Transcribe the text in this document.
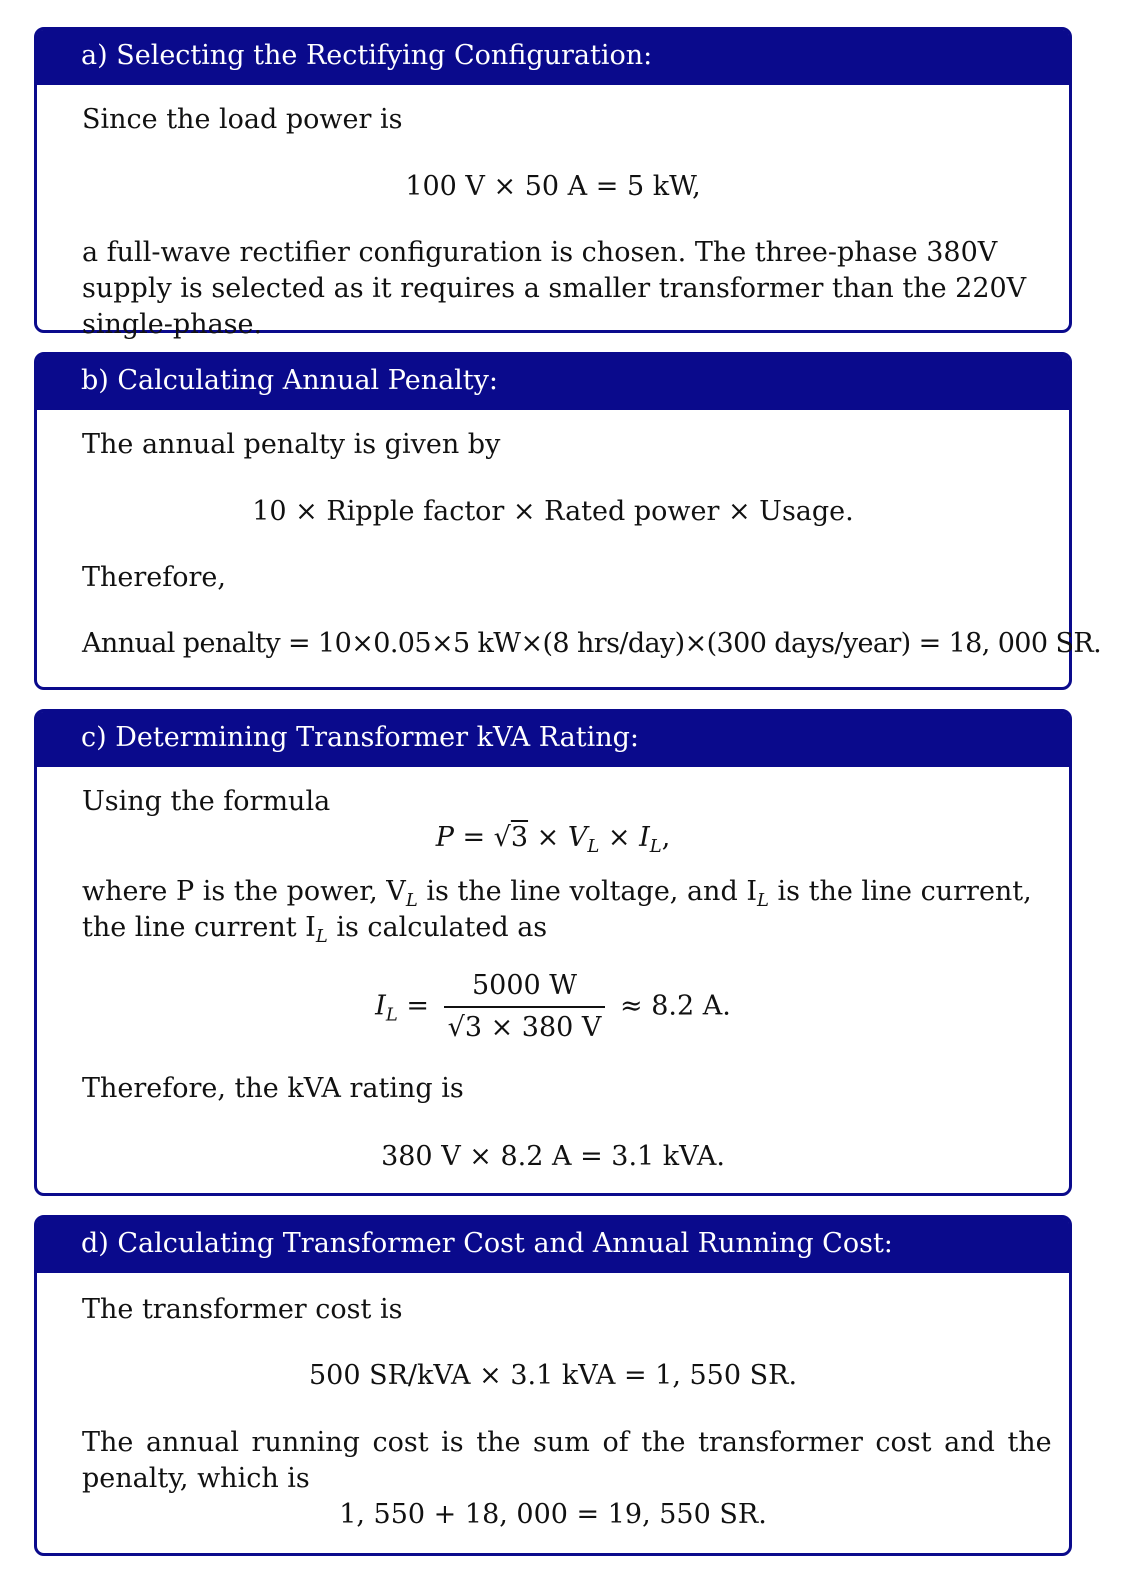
a) Selecting the Rectifying Configuration:
Since the load power is
100 V × 50 A = 5 kW,
a full-wave rectifier configuration is chosen. The three-phase 380V supply is selected as it requires a smaller transformer than the 220V single-phase.
b) Calculating Annual Penalty:
The annual penalty is given by
10 × Ripple factor × Rated power × Usage.
Therefore,
Annual penalty = 10×0.05×5 kW×(8 hrs/day)×(300 days/year) = 18, 000 SR.
c) Determining Transformer kVA Rating:
Using the formula
$P = √3 \times V_L \times I_L$,
where P is the power, $V_L$ is the line voltage, and $I_L$ is the line current,
the line current $I_L$ is calculated as
$I_L = \frac{5000 W}{√3 \times 380 V} \approx 8.2$ A.
Therefore, the kVA rating is
380 V × 8.2 A = 3.1 kVA.
d) Calculating Transformer Cost and Annual Running Cost:
The transformer cost is
500 SR/kVA × 3.1 kVA = 1, 550 SR.
The annual running cost is the sum of the transformer cost and the
penalty, which is
1, 550 + 18, 000 = 19, 550 SR.
